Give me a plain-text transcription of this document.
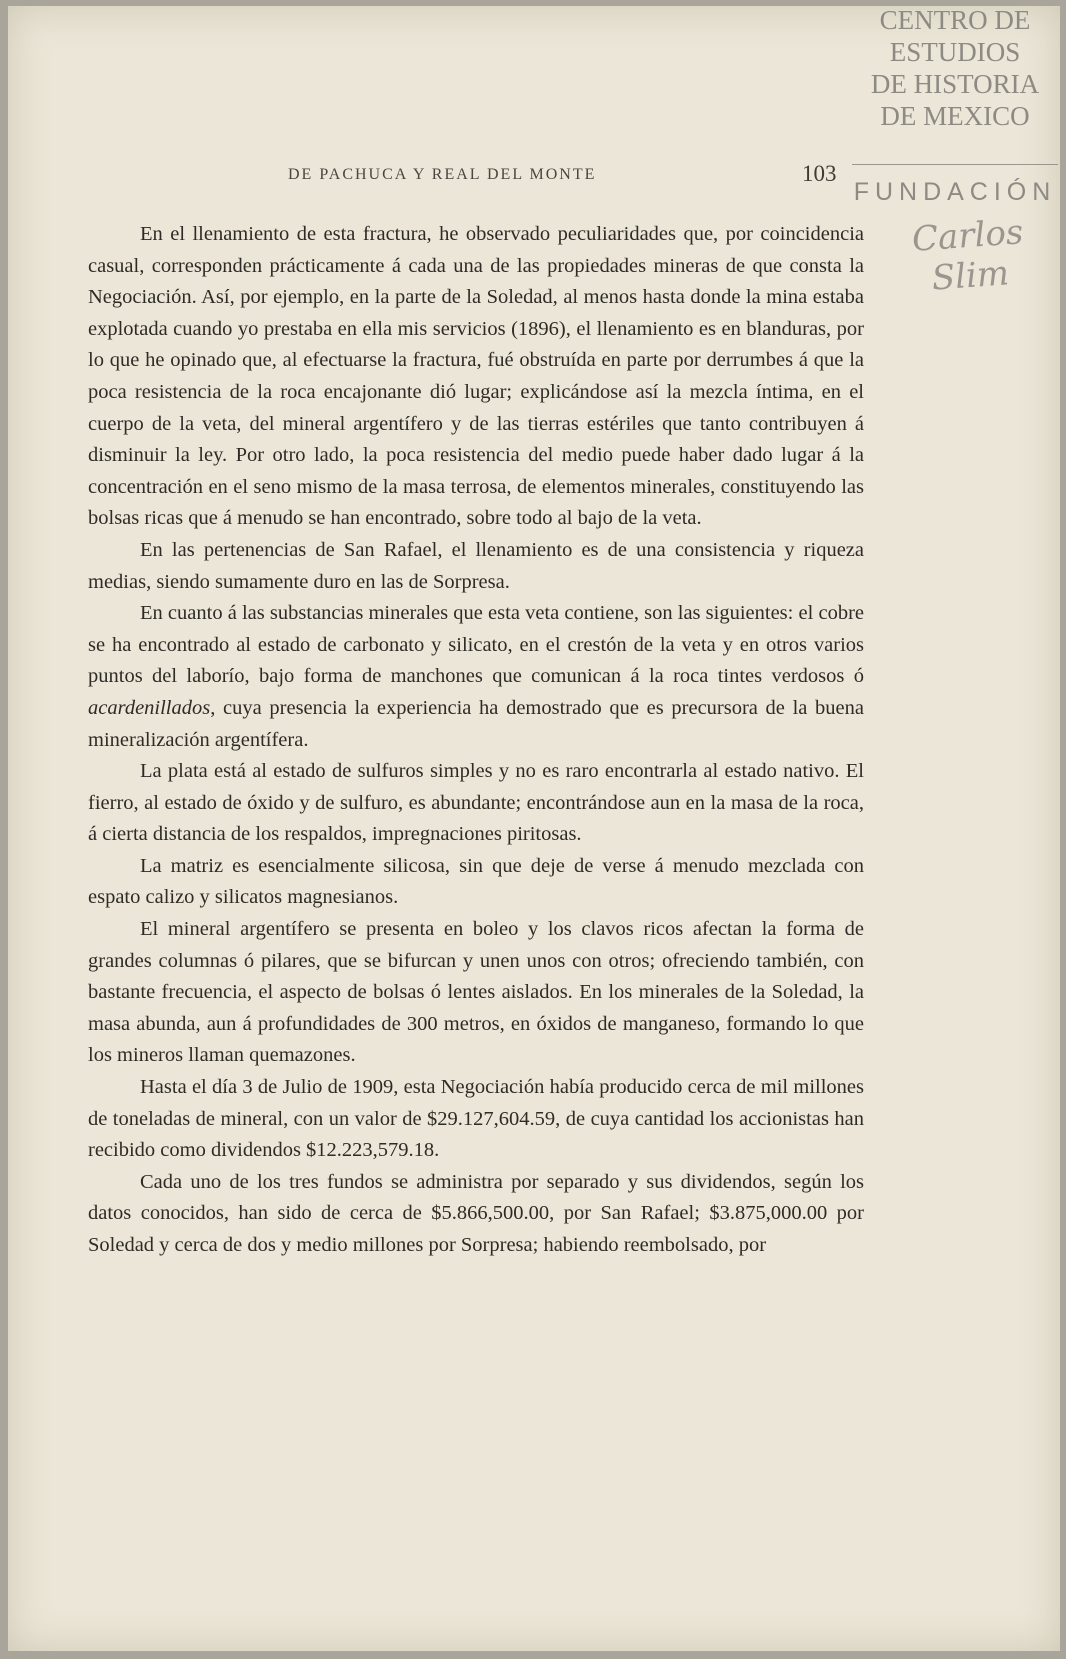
DE PACHUCA Y REAL DEL MONTE	103

En el llenamiento de esta fractura, he observado peculiaridades que, por coincidencia casual, corresponden prácticamente á cada una de las propiedades mineras de que consta la Negociación. Así, por ejemplo, en la parte de la Soledad, al menos hasta donde la mina estaba explotada cuando yo prestaba en ella mis servicios (1896), el llenamiento es en blanduras, por lo que he opinado que, al efectuarse la fractura, fué obstruída en parte por derrumbes á que la poca resistencia de la roca encajonante dió lugar; explicándose así la mezcla íntima, en el cuerpo de la veta, del mineral argentífero y de las tierras estériles que tanto contribuyen á disminuir la ley. Por otro lado, la poca resistencia del medio puede haber dado lugar á la concentración en el seno mismo de la masa terrosa, de elementos minerales, constituyendo las bolsas ricas que á menudo se han encontrado, sobre todo al bajo de la veta.

En las pertenencias de San Rafael, el llenamiento es de una consistencia y riqueza medias, siendo sumamente duro en las de Sorpresa.

En cuanto á las substancias minerales que esta veta contiene, son las siguientes: el cobre se ha encontrado al estado de carbonato y silicato, en el crestón de la veta y en otros varios puntos del laborío, bajo forma de manchones que comunican á la roca tintes verdosos ó acardenillados, cuya presencia la experiencia ha demostrado que es precursora de la buena mineralización argentífera.

La plata está al estado de sulfuros simples y no es raro encontrarla al estado nativo. El fierro, al estado de óxido y de sulfuro, es abundante; encontrándose aun en la masa de la roca, á cierta distancia de los respaldos, impregnaciones piritosas.

La matriz es esencialmente silicosa, sin que deje de verse á menudo mezclada con espato calizo y silicatos magnesianos.

El mineral argentífero se presenta en boleo y los clavos ricos afectan la forma de grandes columnas ó pilares, que se bifurcan y unen unos con otros; ofreciendo también, con bastante frecuencia, el aspecto de bolsas ó lentes aislados. En los minerales de la Soledad, la masa abunda, aun á profundidades de 300 metros, en óxidos de manganeso, formando lo que los mineros llaman quemazones.

Hasta el día 3 de Julio de 1909, esta Negociación había producido cerca de mil millones de toneladas de mineral, con un valor de $29.127,604.59, de cuya cantidad los accionistas han recibido como dividendos $12.223,579.18.

Cada uno de los tres fundos se administra por separado y sus dividendos, según los datos conocidos, han sido de cerca de $5.866,500.00, por San Rafael; $3.875,000.00 por Soledad y cerca de dos y medio millones por Sorpresa; habiendo reembolsado, por

CENTRO DE
ESTUDIOS
DE HISTORIA
DE MEXICO
FUNDACIÓN
Carlos Slim
